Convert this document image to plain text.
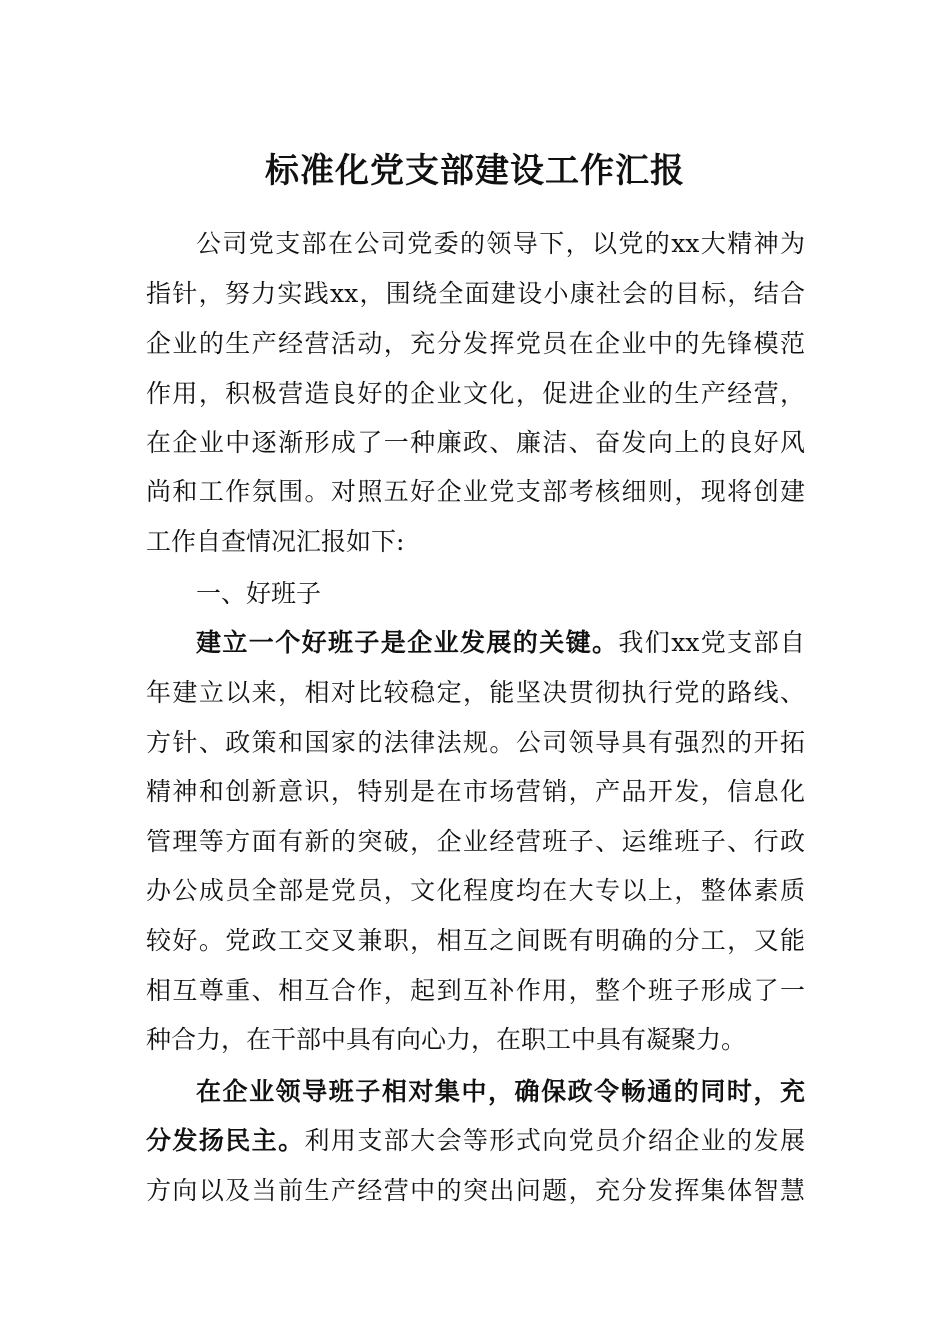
标准化党支部建设工作汇报
公司党支部在公司党委的领导下，以党的xx大精神为
指针，努力实践xx，围绕全面建设小康社会的目标，结合
企业的生产经营活动，充分发挥党员在企业中的先锋模范
作用，积极营造良好的企业文化，促进企业的生产经营，
在企业中逐渐形成了一种廉政、廉洁、奋发向上的良好风
尚和工作氛围。对照五好企业党支部考核细则，现将创建
工作自查情况汇报如下:
一、好班子
建立一个好班子是企业发展的关键。我们xx党支部自
年建立以来，相对比较稳定，能坚决贯彻执行党的路线、
方针、政策和国家的法律法规。公司领导具有强烈的开拓
精神和创新意识，特别是在市场营销，产品开发，信息化
管理等方面有新的突破，企业经营班子、运维班子、行政
办公成员全部是党员，文化程度均在大专以上，整体素质
较好。党政工交叉兼职，相互之间既有明确的分工，又能
相互尊重、相互合作，起到互补作用，整个班子形成了一
种合力，在干部中具有向心力，在职工中具有凝聚力。
在企业领导班子相对集中，确保政令畅通的同时，充
分发扬民主。利用支部大会等形式向党员介绍企业的发展
方向以及当前生产经营中的突出问题，充分发挥集体智慧
